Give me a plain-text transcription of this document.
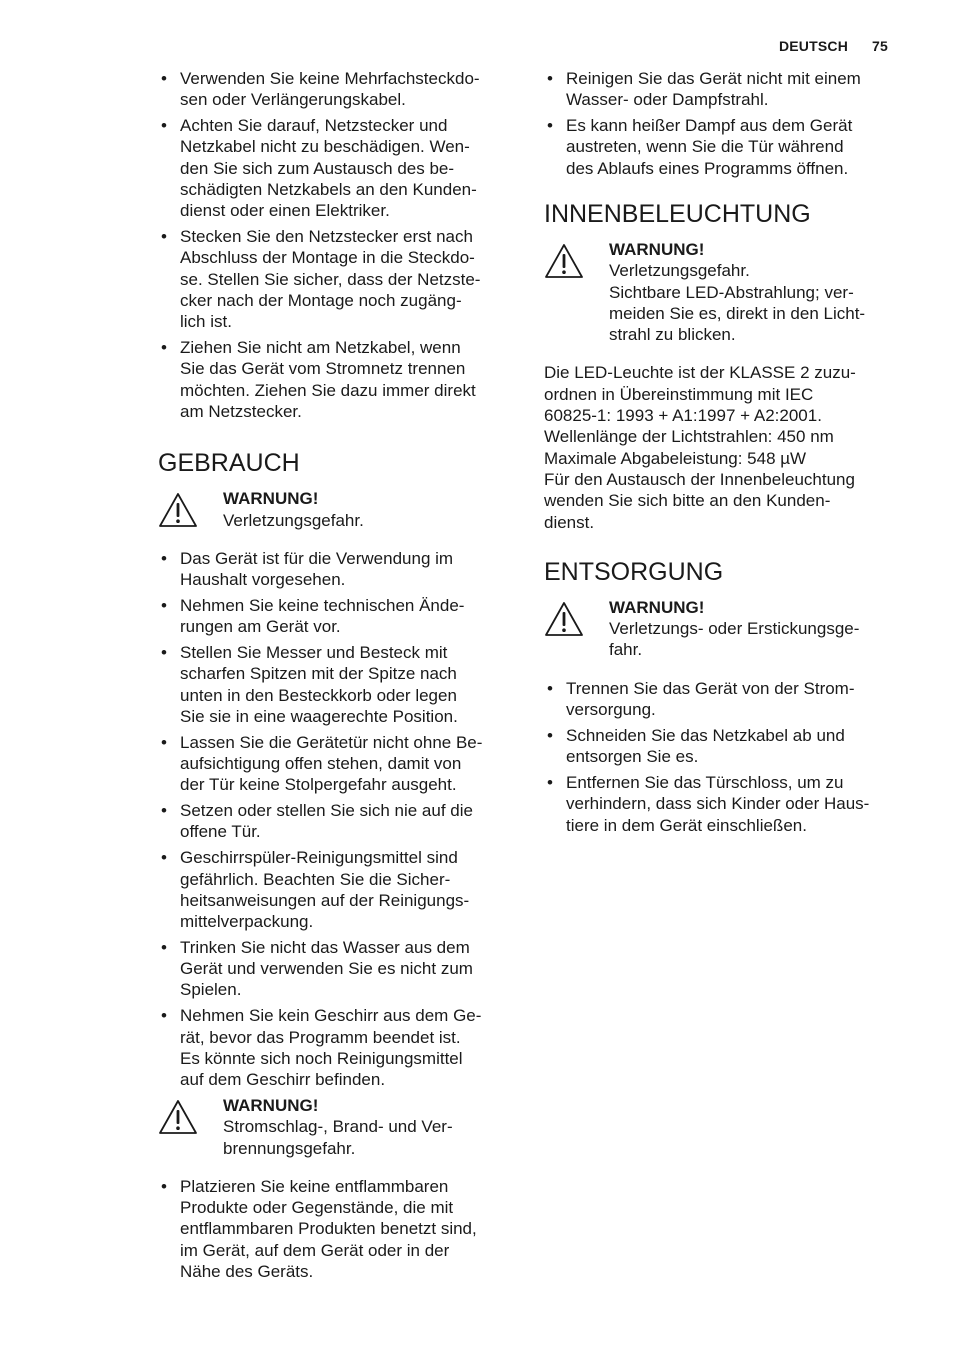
DEUTSCH 75
• Verwenden Sie keine Mehrfachsteckdo-
sen oder Verlängerungskabel.
• Achten Sie darauf, Netzstecker und
Netzkabel nicht zu beschädigen. Wen-
den Sie sich zum Austausch des be-
schädigten Netzkabels an den Kunden-
dienst oder einen Elektriker.
• Stecken Sie den Netzstecker erst nach
Abschluss der Montage in die Steckdo-
se. Stellen Sie sicher, dass der Netzste-
cker nach der Montage noch zugäng-
lich ist.
• Ziehen Sie nicht am Netzkabel, wenn
Sie das Gerät vom Stromnetz trennen
möchten. Ziehen Sie dazu immer direkt
am Netzstecker.
GEBRAUCH
WARNUNG!
Verletzungsgefahr.
• Das Gerät ist für die Verwendung im
Haushalt vorgesehen.
• Nehmen Sie keine technischen Ände-
rungen am Gerät vor.
• Stellen Sie Messer und Besteck mit
scharfen Spitzen mit der Spitze nach
unten in den Besteckkorb oder legen
Sie sie in eine waagerechte Position.
• Lassen Sie die Gerätetür nicht ohne Be-
aufsichtigung offen stehen, damit von
der Tür keine Stolpergefahr ausgeht.
• Setzen oder stellen Sie sich nie auf die
offene Tür.
• Geschirrspüler-Reinigungsmittel sind
gefährlich. Beachten Sie die Sicher-
heitsanweisungen auf der Reinigungs-
mittelverpackung.
• Trinken Sie nicht das Wasser aus dem
Gerät und verwenden Sie es nicht zum
Spielen.
• Nehmen Sie kein Geschirr aus dem Ge-
rät, bevor das Programm beendet ist.
Es könnte sich noch Reinigungsmittel
auf dem Geschirr befinden.
WARNUNG!
Stromschlag-, Brand- und Ver-
brennungsgefahr.
• Platzieren Sie keine entflammbaren
Produkte oder Gegenstände, die mit
entflammbaren Produkten benetzt sind,
im Gerät, auf dem Gerät oder in der
Nähe des Geräts.
• Reinigen Sie das Gerät nicht mit einem
Wasser- oder Dampfstrahl.
• Es kann heißer Dampf aus dem Gerät
austreten, wenn Sie die Tür während
des Ablaufs eines Programms öffnen.
INNENBELEUCHTUNG
WARNUNG!
Verletzungsgefahr.
Sichtbare LED-Abstrahlung; ver-
meiden Sie es, direkt in den Licht-
strahl zu blicken.
Die LED-Leuchte ist der KLASSE 2 zuzu-
ordnen in Übereinstimmung mit IEC
60825-1: 1993 + A1:1997 + A2:2001.
Wellenlänge der Lichtstrahlen: 450 nm
Maximale Abgabeleistung: 548 µW
Für den Austausch der Innenbeleuchtung
wenden Sie sich bitte an den Kunden-
dienst.
ENTSORGUNG
WARNUNG!
Verletzungs- oder Erstickungsge-
fahr.
• Trennen Sie das Gerät von der Strom-
versorgung.
• Schneiden Sie das Netzkabel ab und
entsorgen Sie es.
• Entfernen Sie das Türschloss, um zu
verhindern, dass sich Kinder oder Haus-
tiere in dem Gerät einschließen.
